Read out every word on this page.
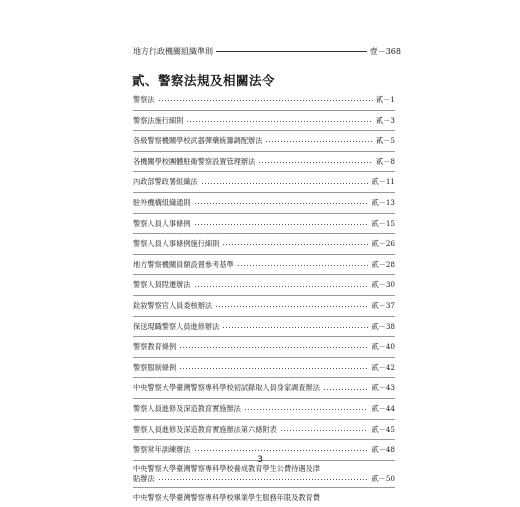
地方行政機關組織準則	壹－368
貳、警察法規及相關法令
警察法	貳－1
警察法施行細則	貳－3
各級警察機關學校武器彈藥統籌調配辦法	貳－5
各機關學校團體駐衛警察設置管理辦法	貳－8
內政部警政署組織法	貳－11
駐外機構組織通則	貳－13
警察人員人事條例	貳－15
警察人員人事條例施行細則	貳－26
地方警察機關員額設置參考基準	貳－28
警察人員陞遷辦法	貳－30
銓敘警察官人員委核辦法	貳－37
保送現職警察人員進修辦法	貳－38
警察教育條例	貳－40
警察服制條例	貳－42
中央警察大學臺灣警察專科學校初試錄取人員身家調查辦法	貳－43
警察人員進修及深造教育實施辦法	貳－44
警察人員進修及深造教育實施辦法第六條附表	貳－45
警察常年訓練辦法	貳－48
中央警察大學臺灣警察專科學校養成教育學生公費待遇及津
貼辦法	貳－50
中央警察大學臺灣警察專科學校畢業學生服務年限及教育費
3
